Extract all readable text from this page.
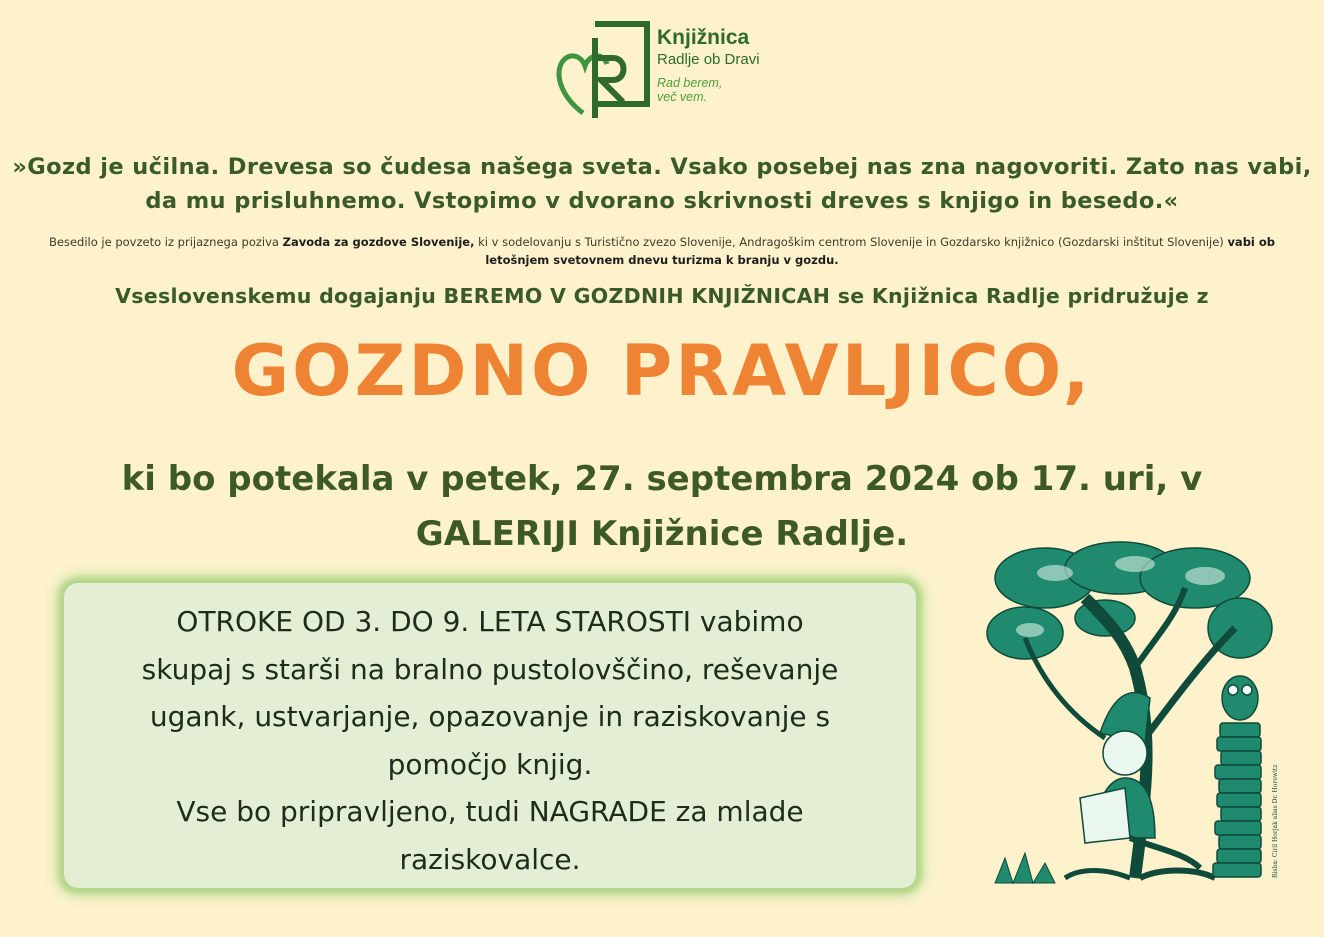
Knjižnica
Radlje ob Dravi
Rad berem,
več vem.
»Gozd je učilna. Drevesa so čudesa našega sveta. Vsako posebej nas zna nagovoriti. Zato nas vabi, da mu prisluhnemo. Vstopimo v dvorano skrivnosti dreves s knjigo in besedo.«
Besedilo je povzeto iz prijaznega poziva Zavoda za gozdove Slovenije, ki v sodelovanju s Turistično zvezo Slovenije, Andragoškim centrom Slovenije in Gozdarsko knjižnico (Gozdarski inštitut Slovenije) vabi ob letošnjem svetovnem dnevu turizma k branju v gozdu.
Vseslovenskemu dogajanju BEREMO V GOZDNIH KNJIŽNICAH se Knjižnica Radlje pridružuje z
GOZDNO PRAVLJICO,
ki bo potekala v petek, 27. septembra 2024 ob 17. uri, v
GALERIJI Knjižnice Radlje.
OTROKE OD 3. DO 9. LETA STAROSTI vabimo
skupaj s starši na bralno pustolovščino, reševanje
ugank, ustvarjanje, opazovanje in raziskovanje s
pomočjo knjig.
Vse bo pripravljeno, tudi NAGRADE za mlade
raziskovalce.	Risba: Ciril Horjak alias Dr. Horowitz
